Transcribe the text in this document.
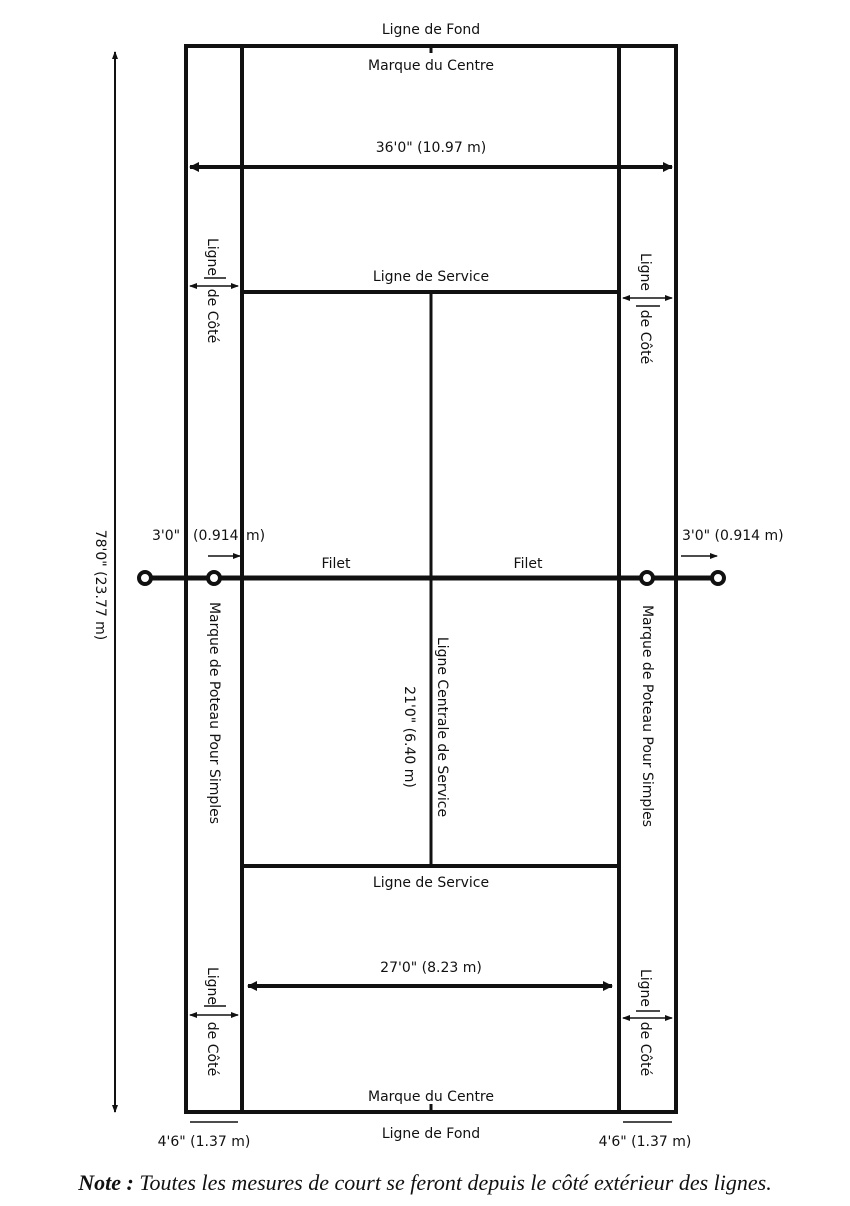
Ligne de Fond
Marque du Centre
36'0" (10.97 m)
Ligne de Service
3'0" (0.914 m)	3'0" (0.914 m)
Filet	Filet
Ligne de Service
27'0" (8.23 m)
Marque du Centre
Ligne de Fond
4'6" (1.37 m)	4'6" (1.37 m)
Ligne
de Côté
Ligne
de Côté
78'0" (23.77 m)
Marque de Poteau Pour Simples	Marque de Poteau Pour Simples
Ligne Centrale de Service
21'0" (6.40 m)
Ligne
de Côté
Ligne
de Côté
Note : Toutes les mesures de court se feront depuis le côté extérieur des lignes.
